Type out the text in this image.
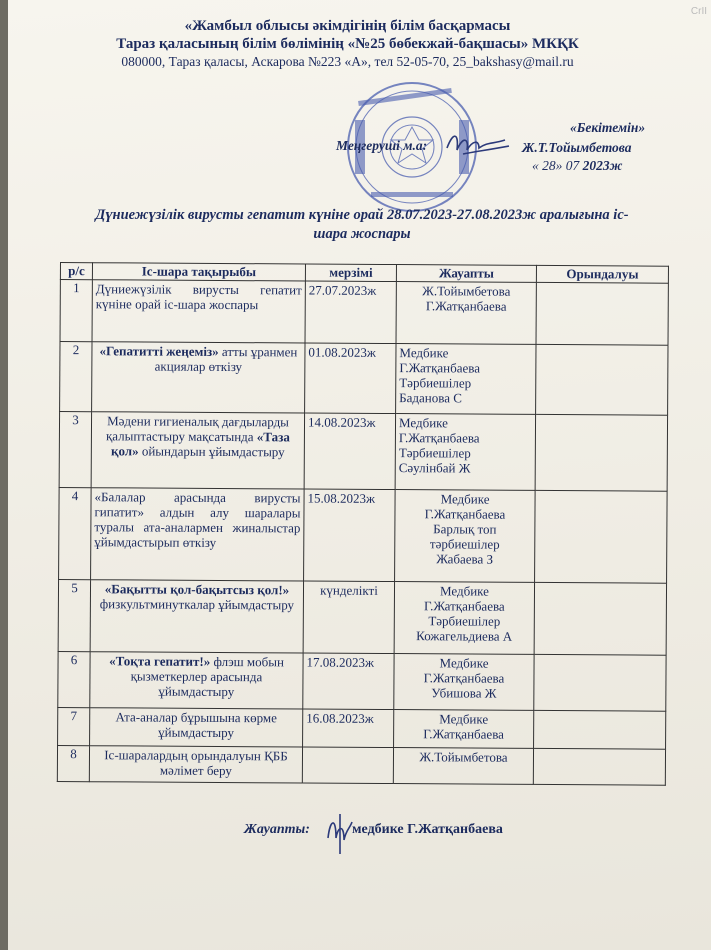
CrII
«Жамбыл облысы әкімдігінің білім басқармасы
Тараз қаласының білім бөлімінің «№25 бөбекжай-бақшасы» МКҚК
080000, Тараз қаласы, Аскарова №223 «А», тел 52-05-70, 25_bakshasy@mail.ru
«Бекітемін»
Меңгеруші м.а:	Ж.Т.Тойымбетова
« 28» 07 2023ж
Дүниежүзілік вирусты гепатит күніне орай 28.07.2023-27.08.2023ж аралығына іс-шара жоспары
р/с	Іс-шара тақырыбы	мерзімі	Жауапты	Орындалуы
1	Дүниежүзілік вирусты гепатит күніне орай іс-шара жоспары	27.07.2023ж	Ж.Тойымбетова
Г.Жатқанбаева	

2	«Гепатитті жеңеміз» атты ұранмен акциялар өткізу	01.08.2023ж	Медбике
Г.Жатқанбаева
Тәрбиешілер
Баданова С	

3	Мәдени гигиеналық дағдыларды қалыптастыру мақсатында «Таза қол» ойындарын ұйымдастыру	14.08.2023ж	Медбике
Г.Жатқанбаева
Тәрбиешілер
Сәулінбай Ж	

4	«Балалар арасында вирусты гипатит» алдын алу шаралары туралы ата-аналармен жиналыстар ұйымдастырып өткізу	15.08.2023ж	Медбике
Г.Жатқанбаева
Барлық топ
тәрбиешілер
Жабаева З	

5	«Бақытты қол-бақытсыз қол!» физкультминуткалар ұйымдастыру	күнделікті	Медбике
Г.Жатқанбаева
Тәрбиешілер
Кожагельдиева А	

6	«Тоқта гепатит!» флэш мобын қызметкерлер арасында ұйымдастыру	17.08.2023ж	Медбике
Г.Жатқанбаева
Убишова Ж	

7	Ата-аналар бұрышына көрме ұйымдастыру	16.08.2023ж	Медбике
Г.Жатқанбаева	

8	Іс-шаралардың орындалуын ҚББ мәлімет беру		Ж.Тойымбетова	

Жауапты:	медбике Г.Жатқанбаева
